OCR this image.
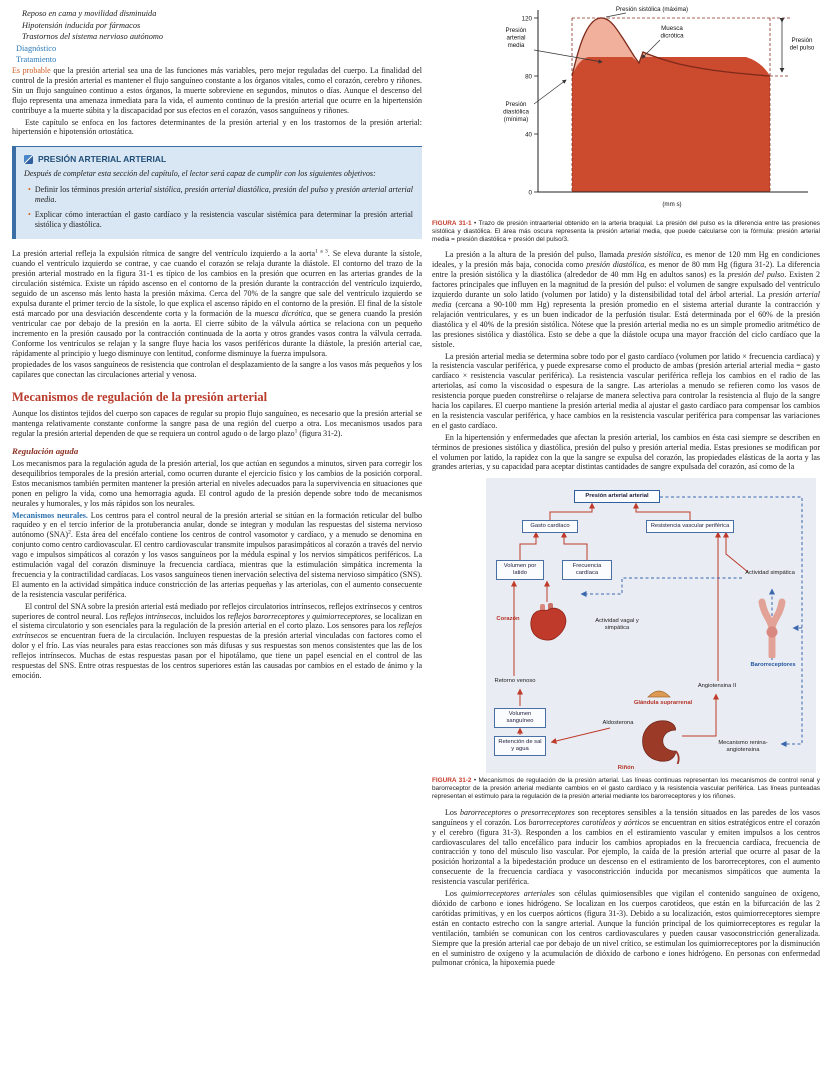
Reposo en cama y movilidad disminuida
Hipotensión inducida por fármacos
Trastornos del sistema nervioso autónomo
Diagnóstico
Tratamiento

Es probable que la presión arterial sea una de las funciones más variables, pero mejor reguladas del cuerpo. La finalidad del control de la presión arterial es mantener el flujo sanguíneo constante a los órganos vitales, como el corazón, cerebro y riñones. Sin un flujo sanguíneo continuo a estos órganos, la muerte sobreviene en segundos, minutos o días. Aunque el descenso del flujo representa una amenaza inmediata para la vida, el aumento continuo de la presión arterial que ocurre en la hipertensión contribuye a la muerte súbita y la discapacidad por sus efectos en el corazón, vasos sanguíneos y riñones.

Este capítulo se enfoca en los factores determinantes de la presión arterial y en los trastornos de la presión arterial: hipertensión e hipotensión ortostática.

PRESIÓN ARTERIAL ARTERIAL

Después de completar esta sección del capítulo, el lector será capaz de cumplir con los siguientes objetivos:

• Definir los términos presión arterial sistólica, presión arterial diastólica, presión del pulso y presión arterial arterial media.
• Explicar cómo interactúan el gasto cardíaco y la resistencia vascular sistémica para determinar la presión arterial sistólica y diastólica.

La presión arterial refleja la expulsión rítmica de sangre del ventrículo izquierdo a la aorta$^{1 a 3}$. Se eleva durante la sístole, cuando el ventrículo izquierdo se contrae, y cae cuando el corazón se relaja durante la diástole. El contorno del trazo de la presión arterial mostrado en la figura 31-1 es típico de los cambios en la presión que ocurren en las arterias grandes de la circulación sistémica. Existe un rápido ascenso en el contorno de la presión durante la contracción del ventrículo izquierdo, seguido de un ascenso más lento hasta la presión máxima. Cerca del 70% de la sangre que sale del ventrículo izquierdo se expulsa durante el primer tercio de la sístole, lo que explica el ascenso rápido en el contorno de la presión. El final de la sístole está marcado por una desviación descendente corta y la formación de la muesca dicrótica, que se genera cuando la presión ventricular cae por debajo de la presión en la aorta. El cierre súbito de la válvula aórtica se relaciona con un pequeño incremento en la presión causado por la contracción continuada de la aorta y otros grandes vasos contra la válvula cerrada. Conforme los ventrículos se relajan y la sangre fluye hacia los vasos periféricos durante la diástole, la presión arterial cae, rápidamente al principio y luego disminuye con lentitud, conforme disminuye la fuerza impulsora.

propiedades de los vasos sanguíneos de resistencia que controlan el desplazamiento de la sangre a los vasos más pequeños y los capilares que conectan las circulaciones arterial y venosa.

Mecanismos de regulación de la presión arterial

Aunque los distintos tejidos del cuerpo son capaces de regular su propio flujo sanguíneo, es necesario que la presión arterial se mantenga relativamente constante conforme la sangre pasa de una región del cuerpo a otra. Los mecanismos usados para regular la presión arterial dependen de que se requiera un control agudo o de largo plazo$^1$ (figura 31-2).

Regulación aguda

Los mecanismos para la regulación aguda de la presión arterial, los que actúan en segundos a minutos, sirven para corregir los desequilibrios temporales de la presión arterial, como ocurren durante el ejercicio físico y los cambios de la posición corporal. Estos mecanismos también permiten mantener la presión arterial en niveles adecuados para la supervivencia en situaciones que ponen en peligro la vida, como una hemorragia aguda. El control agudo de la presión depende sobre todo de mecanismos neurales y humorales, y los más rápidos son los neurales.

Mecanismos neurales. Los centros para el control neural de la presión arterial se sitúan en la formación reticular del bulbo raquídeo y en el tercio inferior de la protuberancia anular, donde se integran y modulan las respuestas del sistema nervioso autónomo (SNA)$^2$. Esta área del encéfalo contiene los centros de control vasomotor y cardíaco, y a menudo se denomina en conjunto como centro cardiovascular. El centro cardiovascular transmite impulsos parasimpáticos al corazón a través del nervio vago e impulsos simpáticos al corazón y los vasos sanguíneos por la médula espinal y los nervios simpáticos periféricos. La estimulación vagal del corazón disminuye la frecuencia cardíaca, mientras que la estimulación simpática incrementa la frecuencia y la contractilidad cardíacas. Los vasos sanguíneos tienen inervación selectiva del sistema nervioso simpático (SNS). El aumento en la actividad simpática induce constricción de las arterias pequeñas y las arteriolas, con el aumento consecuente de la resistencia vascular periférica.

El control del SNA sobre la presión arterial está mediado por reflejos circulatorios intrínsecos, reflejos extrínsecos y centros superiores de control neural. Los reflejos intrínsecos, incluidos los reflejos barorreceptores y quimiorreceptores, se localizan en el sistema circulatorio y son esenciales para la regulación de la presión arterial en el corto plazo. Los sensores para los reflejos extrínsecos se encuentran fuera de la circulación. Incluyen respuestas de la presión arterial vinculadas con factores como el dolor y el frío. Las vías neurales para estas reacciones son más difusas y sus respuestas son menos consistentes que las de los reflejos intrínsecos. Muchas de estas respuestas pasan por el hipotálamo, que tiene un papel esencial en el control de las respuestas del SNS. Entre otras respuestas de los centros superiores están las causadas por cambios en el estado de ánimo y la emoción.

120
80
40
0
Presión sistólica (máxima)
Presión
arterial
media
Muesca
dicrótica
Presión
del pulso
Presión
diastólica
(mínima)
(mm s)

FIGURA 31-1 • Trazo de presión intraarterial obtenido en la arteria braquial. La presión del pulso es la diferencia entre las presiones sistólica y diastólica. El área más oscura representa la presión arterial media, que puede calcularse con la fórmula: presión arterial media = presión diastólica + presión del pulso/3.

La presión a la altura de la presión del pulso, llamada presión sistólica, es menor de 120 mm Hg en condiciones ideales, y la presión más baja, conocida como presión diastólica, es menor de 80 mm Hg (figura 31-2). La diferencia entre la presión sistólica y la diastólica (alrededor de 40 mm Hg en adultos sanos) es la presión del pulso. Existen 2 factores principales que influyen en la magnitud de la presión del pulso: el volumen de sangre expulsado del ventrículo izquierdo durante un solo latido (volumen por latido) y la distensibilidad total del árbol arterial. La presión arterial media (cercana a 90-100 mm Hg) representa la presión promedio en el sistema arterial durante la contracción y relajación ventriculares, y es un buen indicador de la perfusión tisular. Está determinada por el 60% de la presión diastólica y el 40% de la presión sistólica. Nótese que la presión arterial media no es un simple promedio aritmético de las presiones sistólica y diastólica. Esto se debe a que la diástole ocupa una mayor fracción del ciclo cardíaco que la sístole.

La presión arterial media se determina sobre todo por el gasto cardíaco (volumen por latido × frecuencia cardíaca) y la resistencia vascular periférica, y puede expresarse como el producto de ambas (presión arterial arterial media = gasto cardíaco × resistencia vascular periférica). La resistencia vascular periférica refleja los cambios en el radio de las arteriolas, así como la viscosidad o espesura de la sangre. Las arteriolas a menudo se refieren como los vasos de resistencia porque pueden constreñirse o relajarse de manera selectiva para controlar la resistencia al flujo de la sangre hacia los capilares. El cuerpo mantiene la presión arterial media al ajustar el gasto cardíaco para compensar los cambios en la resistencia vascular periférica, y hace cambios en la resistencia vascular periférica para compensar las variaciones en el gasto cardíaco.

En la hipertensión y enfermedades que afectan la presión arterial, los cambios en ésta casi siempre se describen en términos de presiones sistólica y diastólica, presión del pulso y presión arterial media. Estas presiones se modifican por el volumen por latido, la rapidez con la que la sangre se expulsa del corazón, las propiedades elásticas de la aorta y las grandes arterias, y su capacidad para aceptar distintas cantidades de sangre expulsada del corazón, así como de la

Presión arterial arterial
Gasto cardíaco	Resistencia vascular periférica
Volumen por latido
Frecuencia cardíaca	Actividad simpática
Corazón	Actividad vagal y simpática
Barorreceptores
Retorno venoso
Angiotensina II
Volumen sanguíneo
Glándula suprarrenal
Aldosterona
Retención de sal y agua
Riñón
Mecanismo renina-angiotensina

FIGURA 31-2 • Mecanismos de regulación de la presión arterial. Las líneas continuas representan los mecanismos de control renal y barorreceptor de la presión arterial mediante cambios en el gasto cardíaco y la resistencia vascular periférica. Las líneas punteadas representan el estímulo para la regulación de la presión arterial mediante los barorreceptores y los riñones.

Los barorreceptores o presorreceptores son receptores sensibles a la tensión situados en las paredes de los vasos sanguíneos y el corazón. Los barorreceptores carotídeos y aórticos se encuentran en sitios estratégicos entre el corazón y el cerebro (figura 31-3). Responden a los cambios en el estiramiento vascular y emiten impulsos a los centros cardiovasculares del tallo encefálico para inducir los cambios apropiados en la frecuencia cardíaca, frecuencia de contracción y tono del músculo liso vascular. Por ejemplo, la caída de la presión arterial que ocurre al pasar de la posición horizontal a la bipedestación produce un descenso en el estiramiento de los barorreceptores, con el aumento consecuente de la frecuencia cardíaca y vasoconstricción inducida por mecanismos simpáticos que aumenta la resistencia vascular periférica.

Los quimiorreceptores arteriales son células quimiosensibles que vigilan el contenido sanguíneo de oxígeno, dióxido de carbono e iones hidrógeno. Se localizan en los cuerpos carotídeos, que están en la bifurcación de las 2 carótidas primitivas, y en los cuerpos aórticos (figura 31-3). Debido a su localización, estos quimiorreceptores siempre están en contacto estrecho con la sangre arterial. Aunque la función principal de los quimiorreceptores es regular la ventilación, también se comunican con los centros cardiovasculares y pueden causar vasoconstricción generalizada. Siempre que la presión arterial cae por debajo de un nivel crítico, se estimulan los quimiorreceptores por la disminución en el suministro de oxígeno y la acumulación de dióxido de carbono e iones hidrógeno. En personas con enfermedad pulmonar crónica, la hipoxemia puede
